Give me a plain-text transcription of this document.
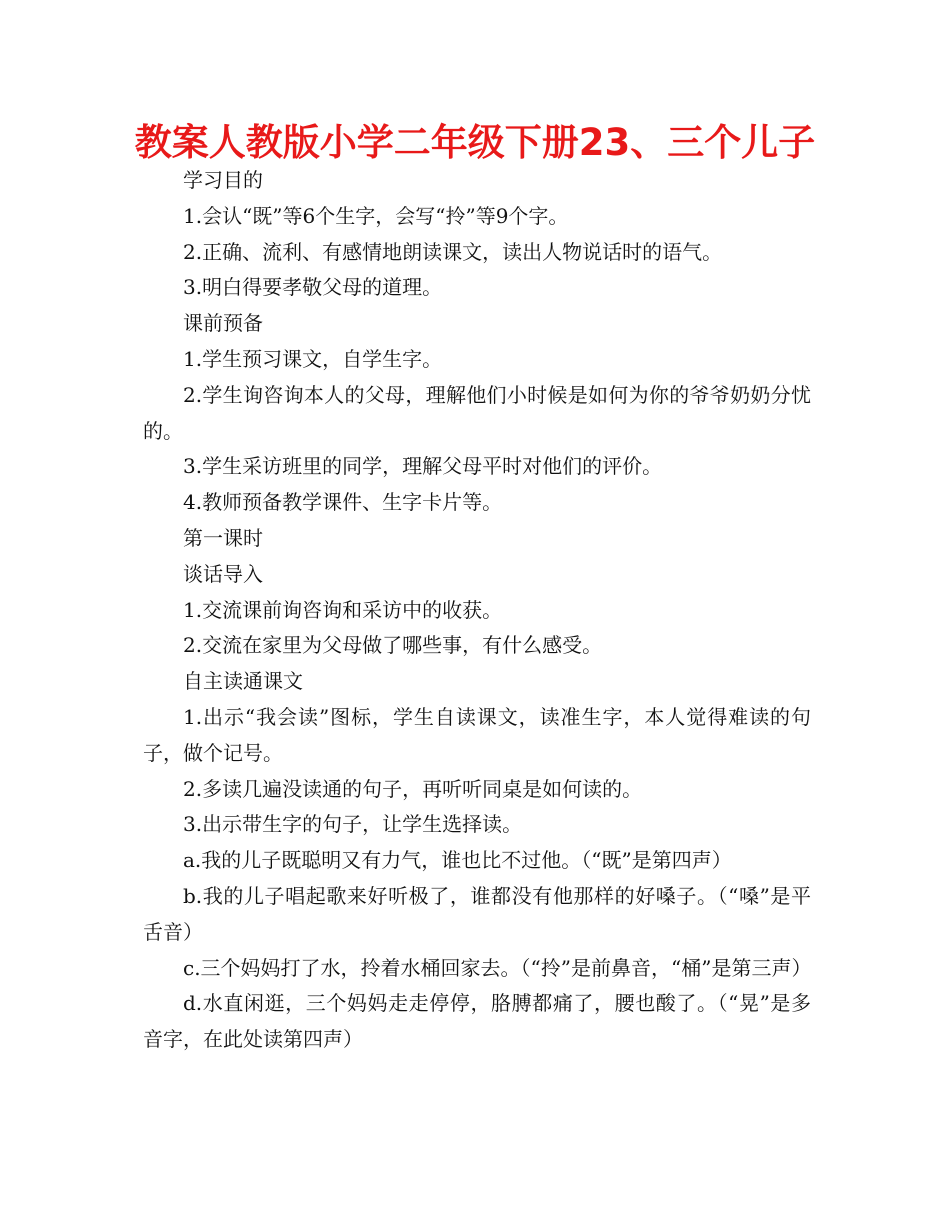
教案人教版小学二年级下册23、三个儿子

学习目的

1.会认“既”等6个生字，会写“拎”等9个字。

2.正确、流利、有感情地朗读课文，读出人物说话时的语气。

3.明白得要孝敬父母的道理。

课前预备

1.学生预习课文，自学生字。

2.学生询咨询本人的父母，理解他们小时候是如何为你的爷爷奶奶分忧的。

3.学生采访班里的同学，理解父母平时对他们的评价。

4.教师预备教学课件、生字卡片等。

第一课时

谈话导入

1.交流课前询咨询和采访中的收获。

2.交流在家里为父母做了哪些事，有什么感受。

自主读通课文

1.出示“我会读”图标，学生自读课文，读准生字，本人觉得难读的句子，做个记号。

2.多读几遍没读通的句子，再听听同桌是如何读的。

3.出示带生字的句子，让学生选择读。

a.我的儿子既聪明又有力气，谁也比不过他。（“既”是第四声）

b.我的儿子唱起歌来好听极了，谁都没有他那样的好嗓子。（“嗓”是平舌音）

c.三个妈妈打了水，拎着水桶回家去。（“拎”是前鼻音，“桶”是第三声）

d.水直闲逛，三个妈妈走走停停，胳膊都痛了，腰也酸了。（“晃”是多音字，在此处读第四声）
